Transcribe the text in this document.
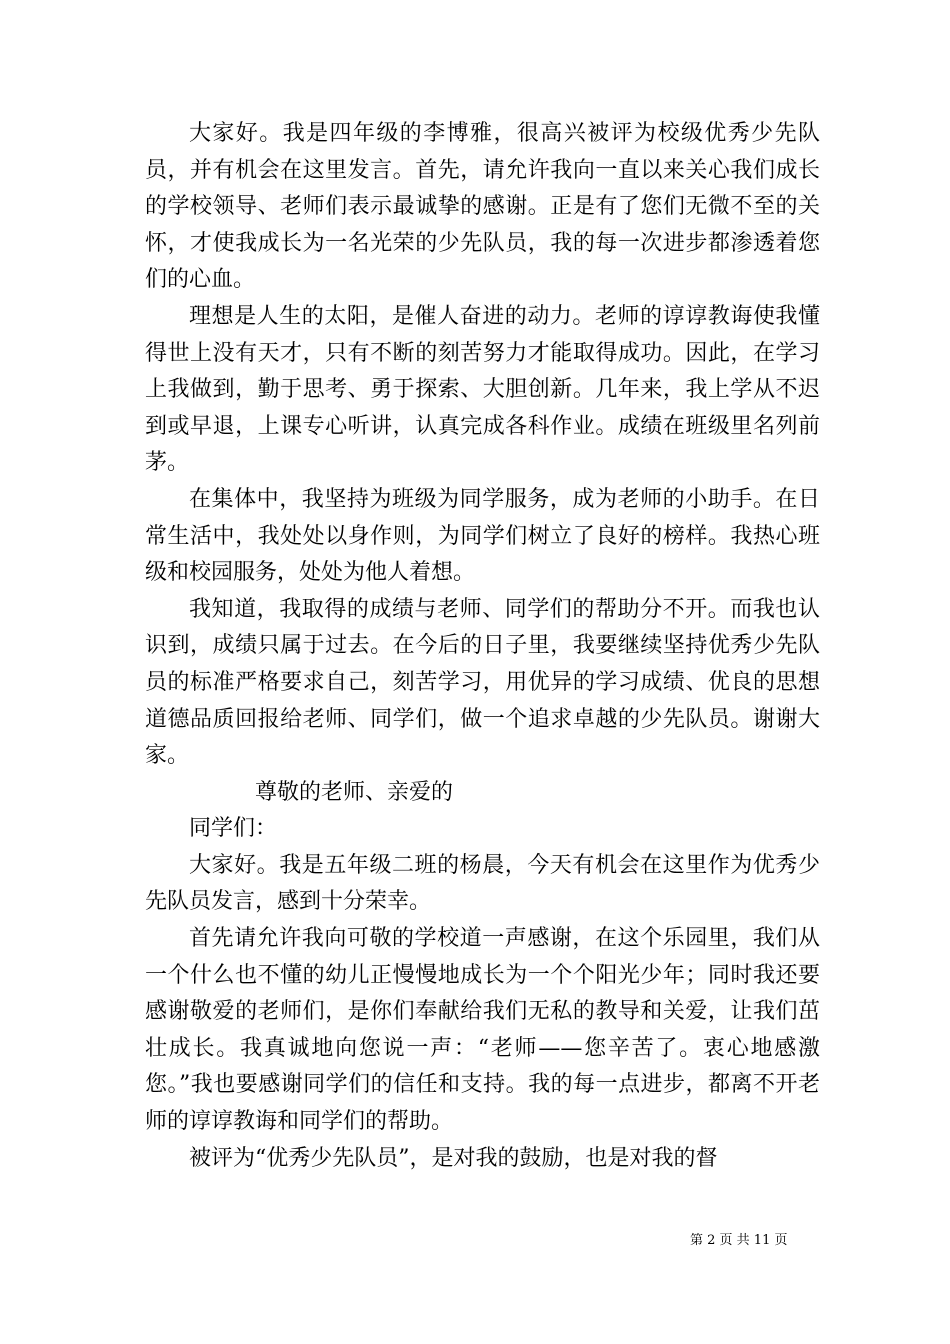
大家好。我是四年级的李博雅，很高兴被评为校级优秀少先队员，并有机会在这里发言。首先，请允许我向一直以来关心我们成长的学校领导、老师们表示最诚挚的感谢。正是有了您们无微不至的关怀，才使我成长为一名光荣的少先队员，我的每一次进步都渗透着您们的心血。

理想是人生的太阳，是催人奋进的动力。老师的谆谆教诲使我懂得世上没有天才，只有不断的刻苦努力才能取得成功。因此，在学习上我做到，勤于思考、勇于探索、大胆创新。几年来，我上学从不迟到或早退，上课专心听讲，认真完成各科作业。成绩在班级里名列前茅。

在集体中，我坚持为班级为同学服务，成为老师的小助手。在日常生活中，我处处以身作则，为同学们树立了良好的榜样。我热心班级和校园服务，处处为他人着想。

我知道，我取得的成绩与老师、同学们的帮助分不开。而我也认识到，成绩只属于过去。在今后的日子里，我要继续坚持优秀少先队员的标准严格要求自己，刻苦学习，用优异的学习成绩、优良的思想道德品质回报给老师、同学们，做一个追求卓越的少先队员。谢谢大家。

尊敬的老师、亲爱的

同学们：

大家好。我是五年级二班的杨晨，今天有机会在这里作为优秀少先队员发言，感到十分荣幸。

首先请允许我向可敬的学校道一声感谢，在这个乐园里，我们从一个什么也不懂的幼儿正慢慢地成长为一个个阳光少年；同时我还要感谢敬爱的老师们，是你们奉献给我们无私的教导和关爱，让我们茁壮成长。我真诚地向您说一声：“老师——您辛苦了。衷心地感激您。”我也要感谢同学们的信任和支持。我的每一点进步，都离不开老师的谆谆教诲和同学们的帮助。

被评为“优秀少先队员”，是对我的鼓励，也是对我的督

第 2 页 共 11 页
